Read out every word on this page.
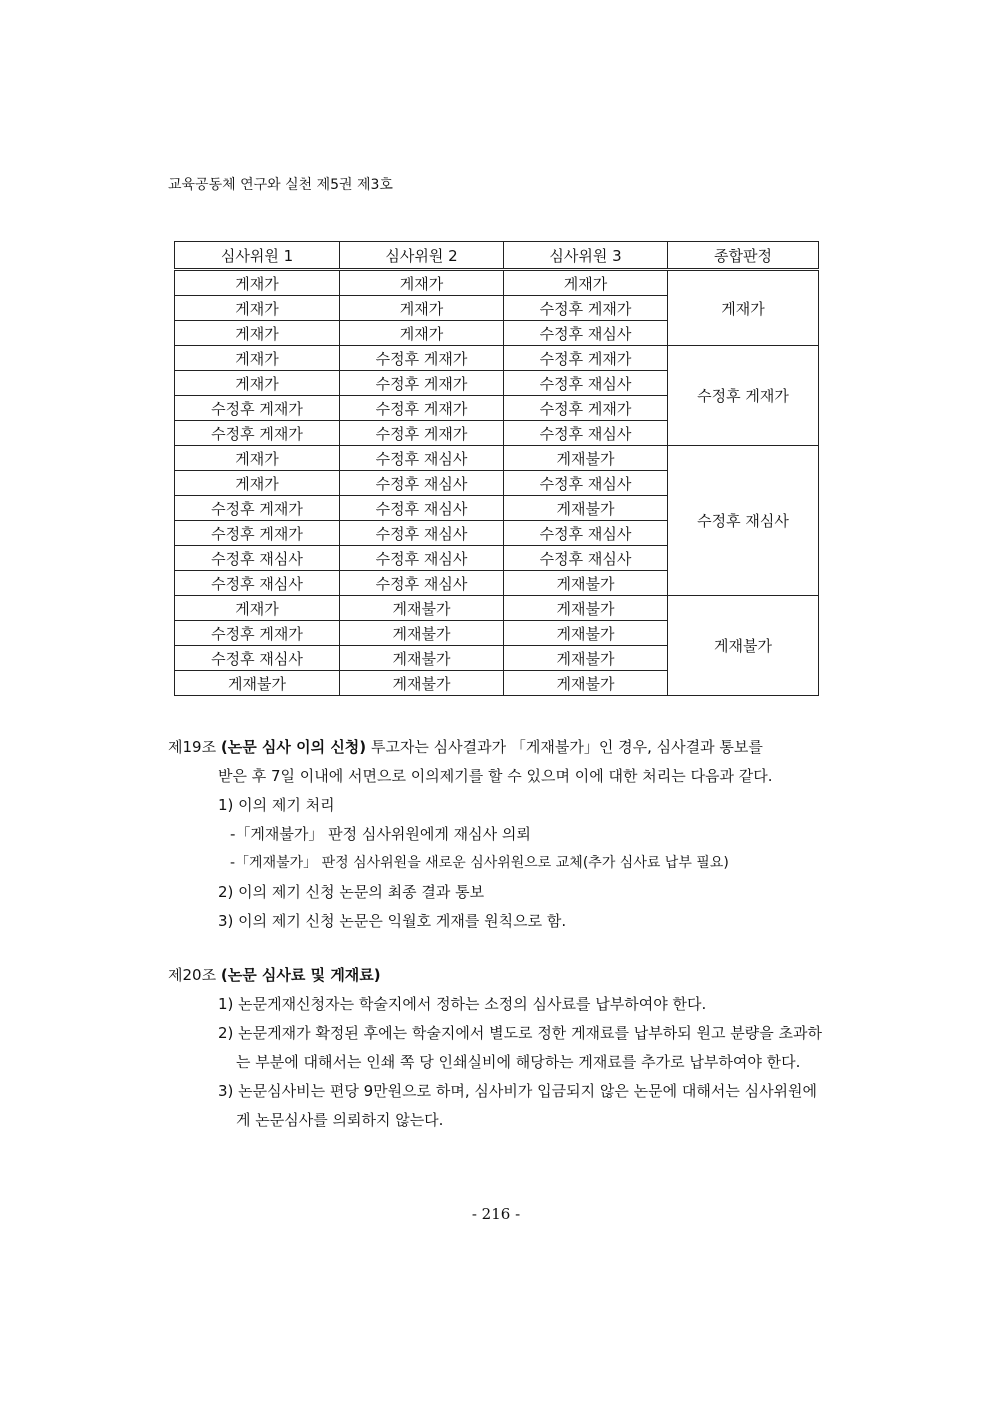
교육공동체 연구와 실천 제5권 제3호
심사위원 1	심사위원 2	심사위원 3	종합판정
게재가	게재가	게재가	게재가
게재가	게재가	수정후 게재가	
게재가	게재가	수정후 재심사	
게재가	수정후 게재가	수정후 게재가	수정후 게재가
게재가	수정후 게재가	수정후 재심사	
수정후 게재가	수정후 게재가	수정후 게재가	
수정후 게재가	수정후 게재가	수정후 재심사	
게재가	수정후 재심사	게재불가	수정후 재심사
게재가	수정후 재심사	수정후 재심사	
수정후 게재가	수정후 재심사	게재불가	
수정후 게재가	수정후 재심사	수정후 재심사	
수정후 재심사	수정후 재심사	수정후 재심사	
수정후 재심사	수정후 재심사	게재불가	
게재가	게재불가	게재불가	게재불가
수정후 게재가	게재불가	게재불가	
수정후 재심사	게재불가	게재불가	
게재불가	게재불가	게재불가	
제19조 (논문 심사 이의 신청) 투고자는 심사결과가 「게재불가」인 경우, 심사결과 통보를
받은 후 7일 이내에 서면으로 이의제기를 할 수 있으며 이에 대한 처리는 다음과 같다.
1) 이의 제기 처리
-「게재불가」 판정 심사위원에게 재심사 의뢰
-「게재불가」 판정 심사위원을 새로운 심사위원으로 교체(추가 심사료 납부 필요)
2) 이의 제기 신청 논문의 최종 결과 통보
3) 이의 제기 신청 논문은 익월호 게재를 원칙으로 함.
제20조 (논문 심사료 및 게재료)
1) 논문게재신청자는 학술지에서 정하는 소정의 심사료를 납부하여야 한다.
2) 논문게재가 확정된 후에는 학술지에서 별도로 정한 게재료를 납부하되 원고 분량을 초과하는 부분에 대해서는 인쇄 쪽 당 인쇄실비에 해당하는 게재료를 추가로 납부하여야 한다.
3) 논문심사비는 편당 9만원으로 하며, 심사비가 입금되지 않은 논문에 대해서는 심사위원에게 논문심사를 의뢰하지 않는다.
- 216 -
